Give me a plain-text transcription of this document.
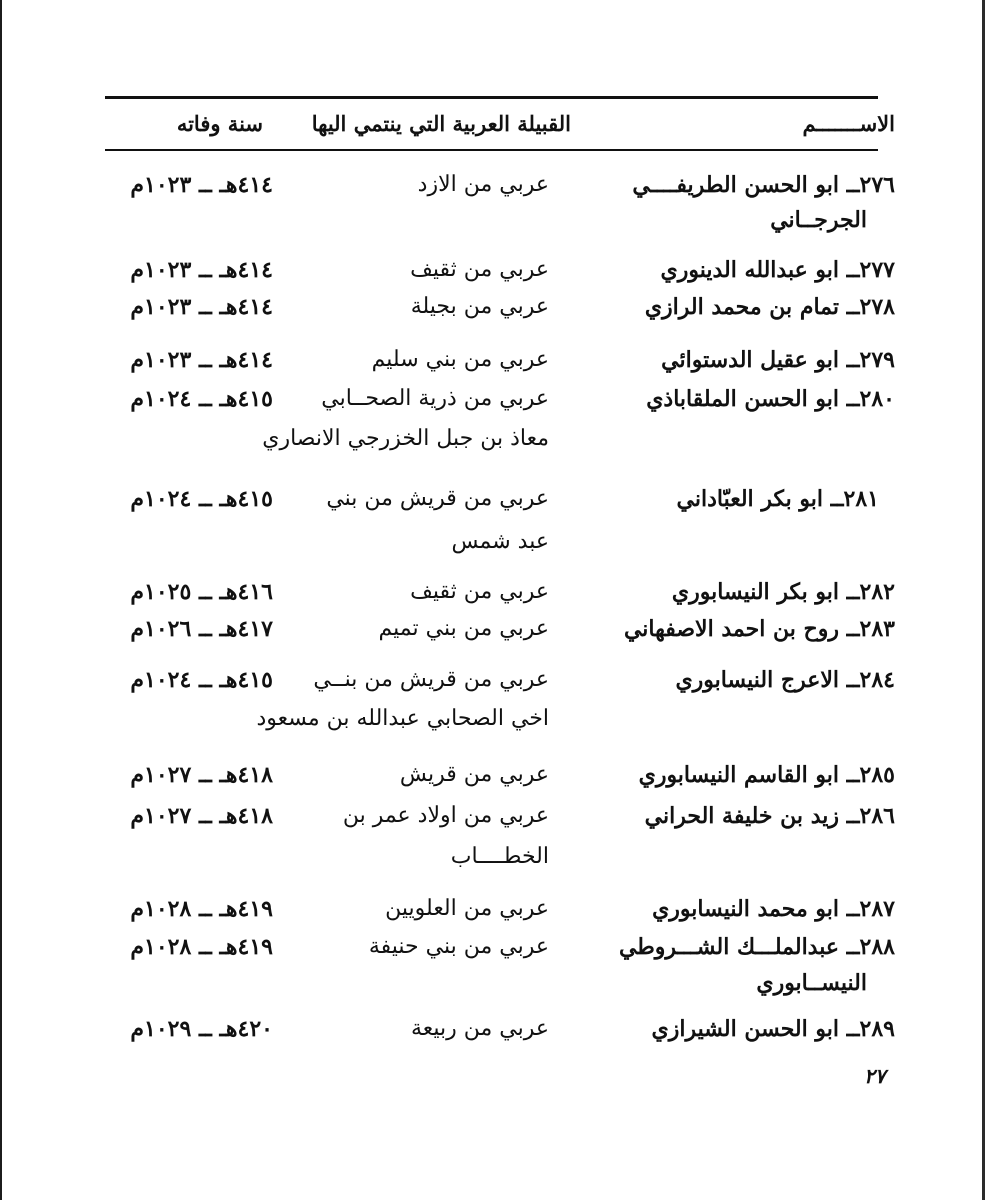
الاســـــــم
القبيلة العربية التي ينتمي اليها
سنة وفاته
٢٧٦ــ ابو الحسن الطريفــــي
الجرجــاني
عربي من الازد
٤١٤هـ ــ ١٠٢٣م
٢٧٧ــ ابو عبدالله الدينوري
عربي من ثقيف
٤١٤هـ ــ ١٠٢٣م
٢٧٨ــ تمام بن محمد الرازي
عربي من بجيلة
٤١٤هـ ــ ١٠٢٣م
٢٧٩ــ ابو عقيل الدستوائي
عربي من بني سليم
٤١٤هـ ــ ١٠٢٣م
٢٨٠ــ ابو الحسن الملقاباذي
عربي من ذرية الصحــابي
معاذ بن جبل الخزرجي الانصاري
٤١٥هـ ــ ١٠٢٤م
٢٨١ــ ابو بكر العبّاداني
عربي من قريش من بني
عبد شمس
٤١٥هـ ــ ١٠٢٤م
٢٨٢ــ ابو بكر النيسابوري
عربي من ثقيف
٤١٦هـ ــ ١٠٢٥م
٢٨٣ــ روح بن احمد الاصفهاني
عربي من بني تميم
٤١٧هـ ــ ١٠٢٦م
٢٨٤ــ الاعرج النيسابوري
عربي من قريش من بنــي
اخي الصحابي عبدالله بن مسعود
٤١٥هـ ــ ١٠٢٤م
٢٨٥ــ ابو القاسم النيسابوري
عربي من قريش
٤١٨هـ ــ ١٠٢٧م
٢٨٦ــ زيد بن خليفة الحراني
عربي من اولاد عمر بن
الخطــــاب
٤١٨هـ ــ ١٠٢٧م
٢٨٧ــ ابو محمد النيسابوري
عربي من العلويين
٤١٩هـ ــ ١٠٢٨م
٢٨٨ــ عبدالملـــك الشـــروطي
النيســابوري
عربي من بني حنيفة
٤١٩هـ ــ ١٠٢٨م
٢٨٩ــ ابو الحسن الشيرازي
عربي من ربيعة
٤٢٠هـ ــ ١٠٢٩م
٢٧
